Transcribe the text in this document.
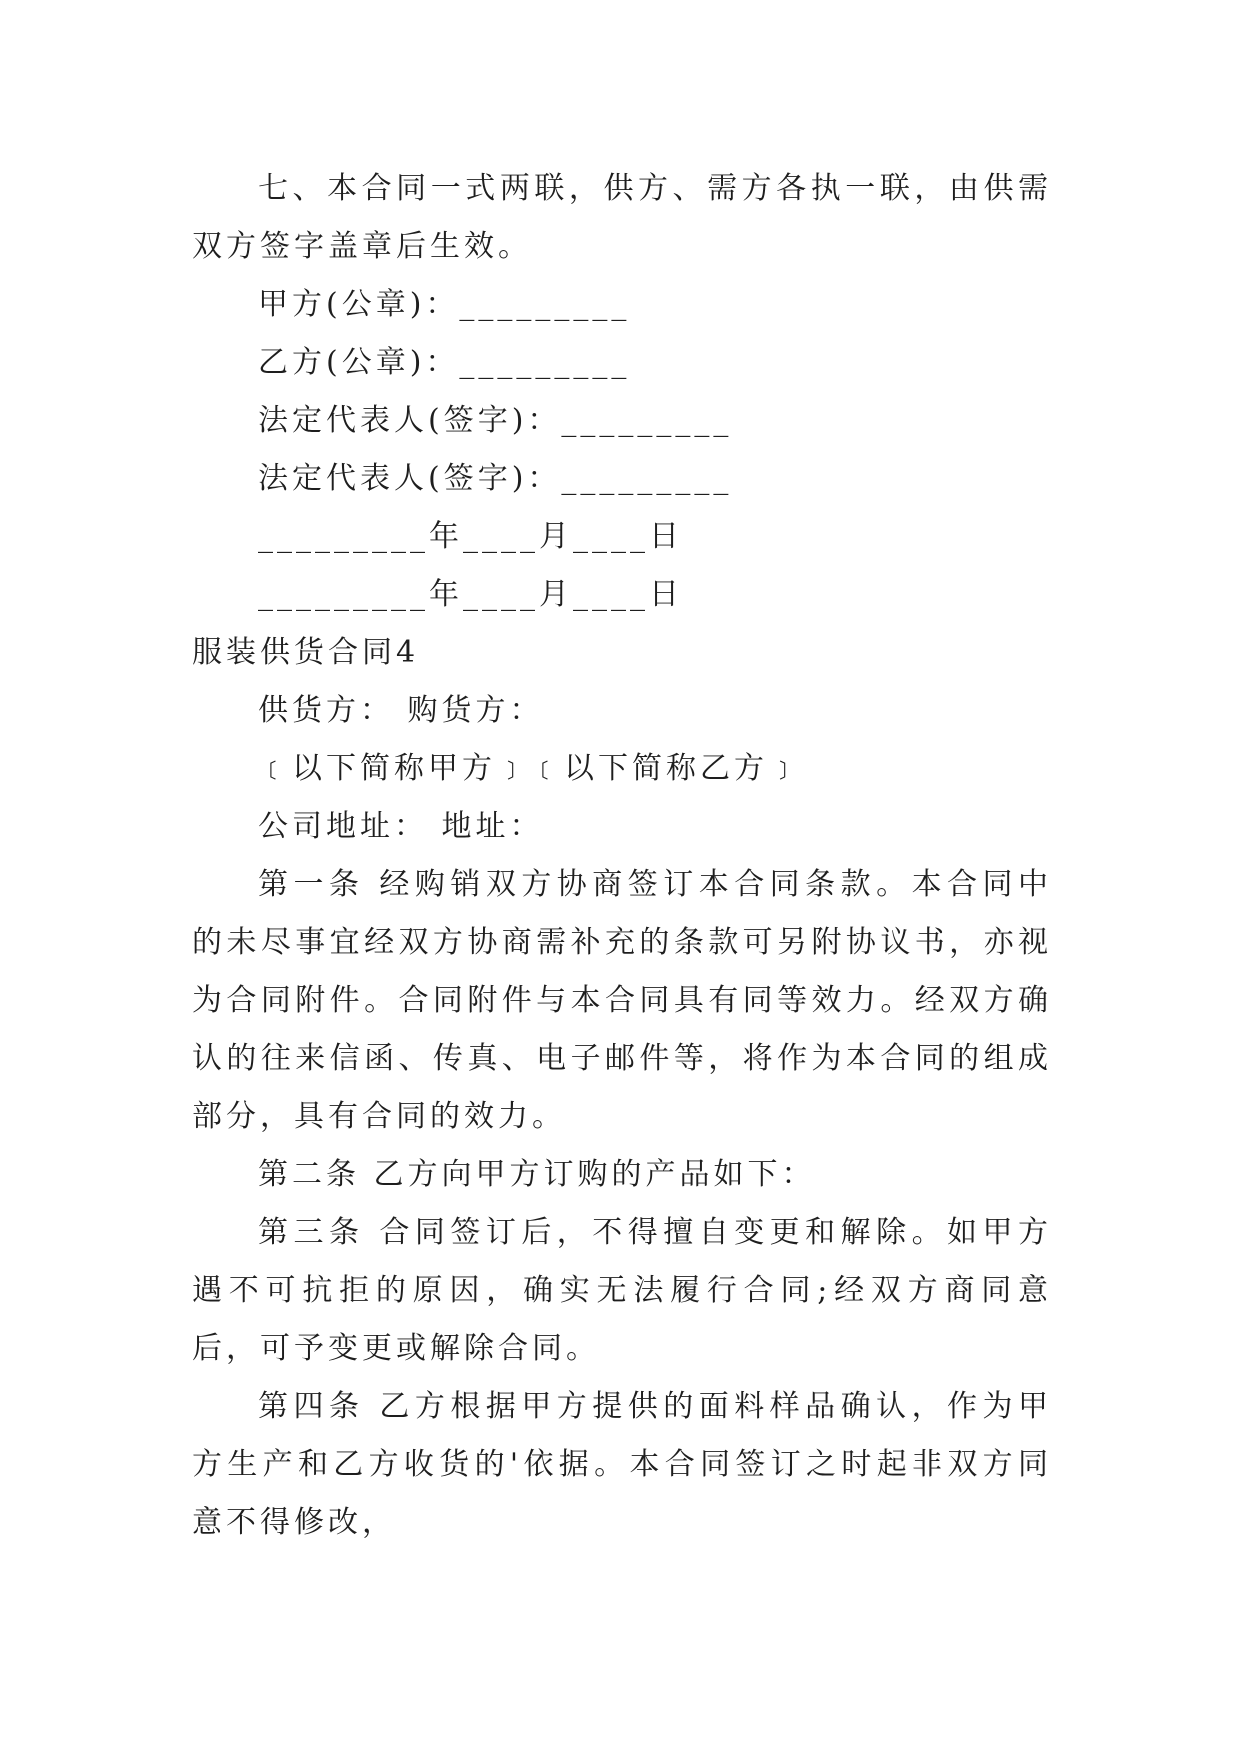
七、本合同一式两联，供方、需方各执一联，由供需双方签字盖章后生效。

甲方(公章)：_________

乙方(公章)：_________

法定代表人(签字)：_________

法定代表人(签字)：_________

_________年____月____日

_________年____月____日

服装供货合同4

供货方： 购货方：

﹝以下简称甲方﹞﹝以下简称乙方﹞

公司地址： 地址：

第一条 经购销双方协商签订本合同条款。本合同中的未尽事宜经双方协商需补充的条款可另附协议书，亦视为合同附件。合同附件与本合同具有同等效力。经双方确认的往来信函、传真、电子邮件等，将作为本合同的组成部分，具有合同的效力。

第二条 乙方向甲方订购的产品如下：

第三条 合同签订后，不得擅自变更和解除。如甲方遇不可抗拒的原因，确实无法履行合同;经双方商同意后，可予变更或解除合同。

第四条 乙方根据甲方提供的面料样品确认，作为甲方生产和乙方收货的'依据。本合同签订之时起非双方同意不得修改，
